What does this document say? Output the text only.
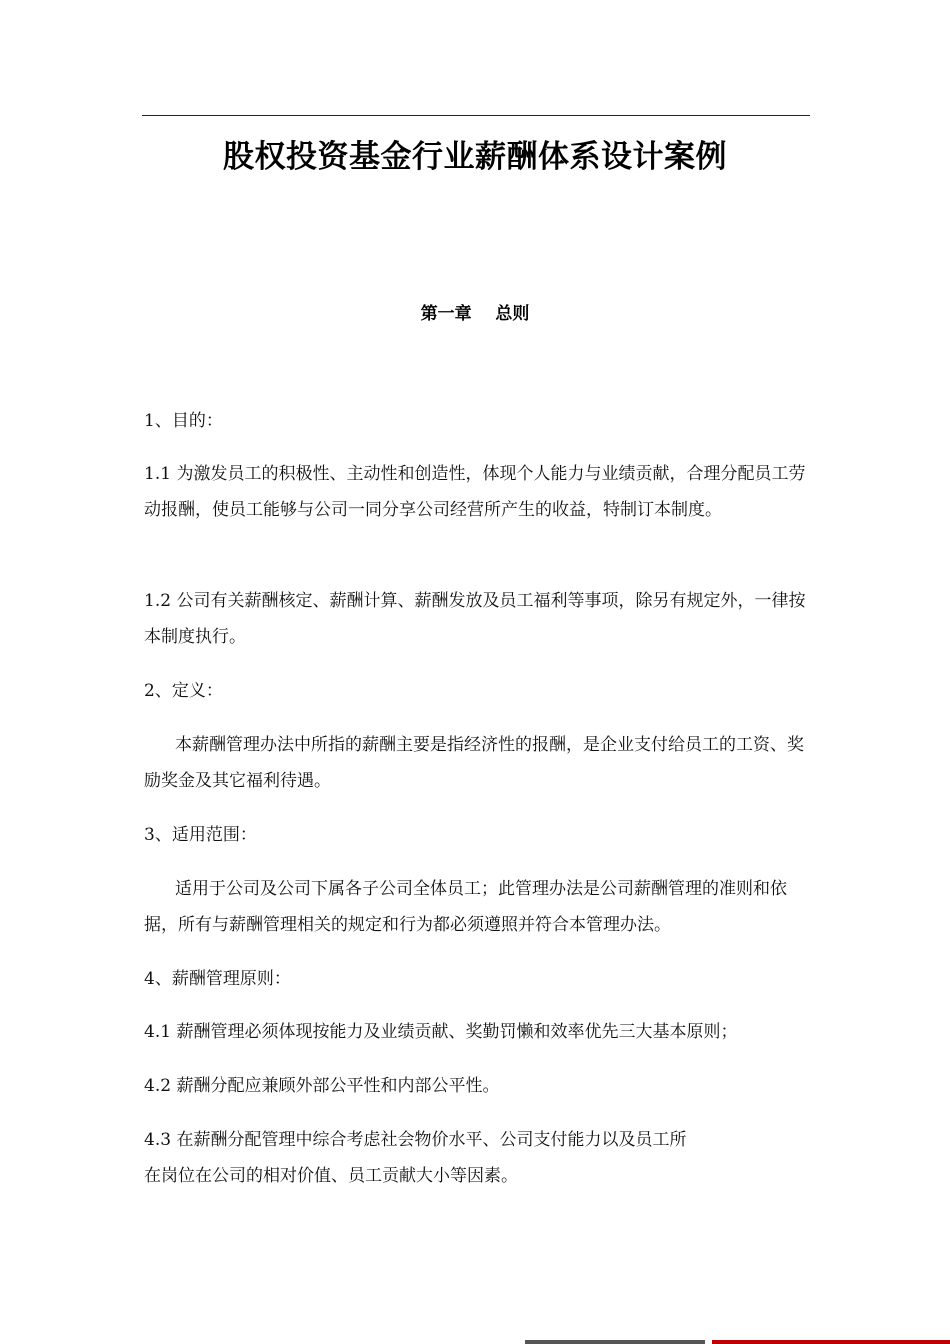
股权投资基金行业薪酬体系设计案例
第一章    总则
1、目的：
1.1 为激发员工的积极性、主动性和创造性，体现个人能力与业绩贡献，合理分配员工劳 动报酬，使员工能够与公司一同分享公司经营所产生的收益，特制订本制度。
1.2 公司有关薪酬核定、薪酬计算、薪酬发放及员工福利等事项，除另有规定外，一律按本制度执行。
2、定义：
本薪酬管理办法中所指的薪酬主要是指经济性的报酬，是企业支付给员工的工资、奖励奖金及其它福利待遇。
3、适用范围：
适用于公司及公司下属各子公司全体员工；此管理办法是公司薪酬管理的准则和依据，所有与薪酬管理相关的规定和行为都必须遵照并符合本管理办法。
4、薪酬管理原则：
4.1 薪酬管理必须体现按能力及业绩贡献、奖勤罚懒和效率优先三大基本原则；
4.2 薪酬分配应兼顾外部公平性和内部公平性。
4.3 在薪酬分配管理中综合考虑社会物价水平、公司支付能力以及员工所
在岗位在公司的相对价值、员工贡献大小等因素。
